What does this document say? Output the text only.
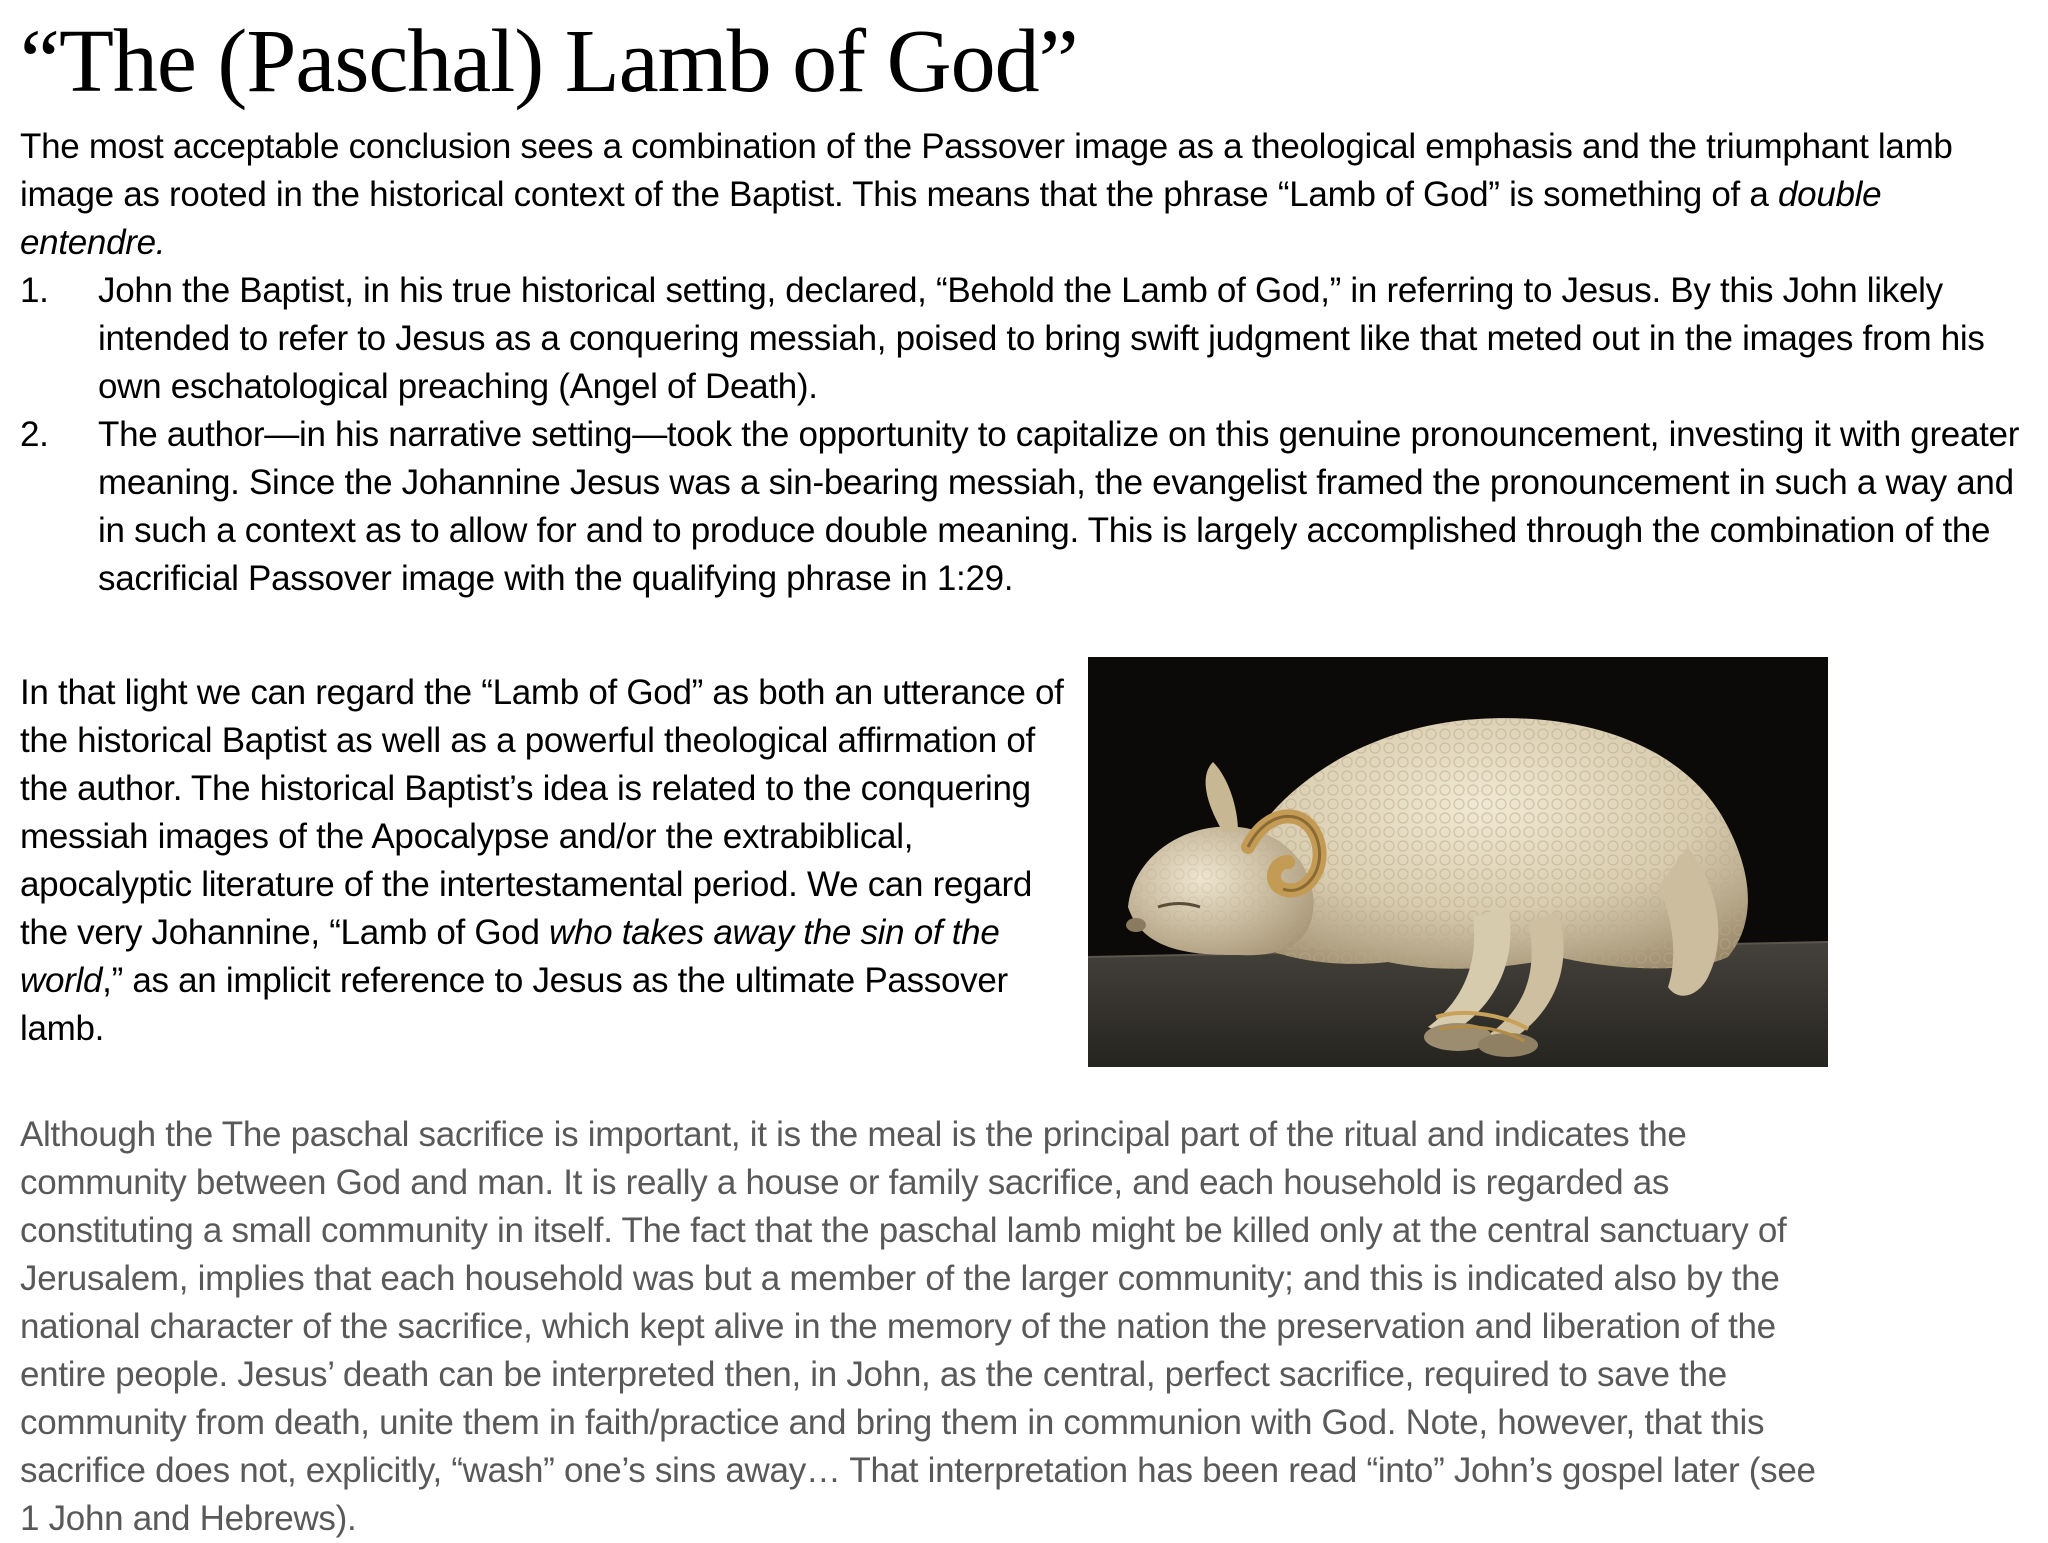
“The (Paschal) Lamb of God”

The most acceptable conclusion sees a combination of the Passover image as a theological emphasis and the triumphant lamb image as rooted in the historical context of the Baptist. This means that the phrase “Lamb of God” is something of a double entendre.

1. John the Baptist, in his true historical setting, declared, “Behold the Lamb of God,” in referring to Jesus. By this John likely intended to refer to Jesus as a conquering messiah, poised to bring swift judgment like that meted out in the images from his own eschatological preaching (Angel of Death).
2. The author—in his narrative setting—took the opportunity to capitalize on this genuine pronouncement, investing it with greater meaning. Since the Johannine Jesus was a sin-bearing messiah, the evangelist framed the pronouncement in such a way and in such a context as to allow for and to produce double meaning. This is largely accomplished through the combination of the sacrificial Passover image with the qualifying phrase in 1:29.

In that light we can regard the “Lamb of God” as both an utterance of the historical Baptist as well as a powerful theological affirmation of the author. The historical Baptist’s idea is related to the conquering messiah images of the Apocalypse and/or the extrabiblical, apocalyptic literature of the intertestamental period. We can regard the very Johannine, “Lamb of God who takes away the sin of the world,” as an implicit reference to Jesus as the ultimate Passover lamb.

Although the The paschal sacrifice is important, it is the meal is the principal part of the ritual and indicates the community between God and man. It is really a house or family sacrifice, and each household is regarded as constituting a small community in itself. The fact that the paschal lamb might be killed only at the central sanctuary of Jerusalem, implies that each household was but a member of the larger community; and this is indicated also by the national character of the sacrifice, which kept alive in the memory of the nation the preservation and liberation of the entire people. Jesus’ death can be interpreted then, in John, as the central, perfect sacrifice, required to save the community from death, unite them in faith/practice and bring them in communion with God. Note, however, that this sacrifice does not, explicitly, “wash” one’s sins away… That interpretation has been read “into” John’s gospel later (see 1 John and Hebrews).
